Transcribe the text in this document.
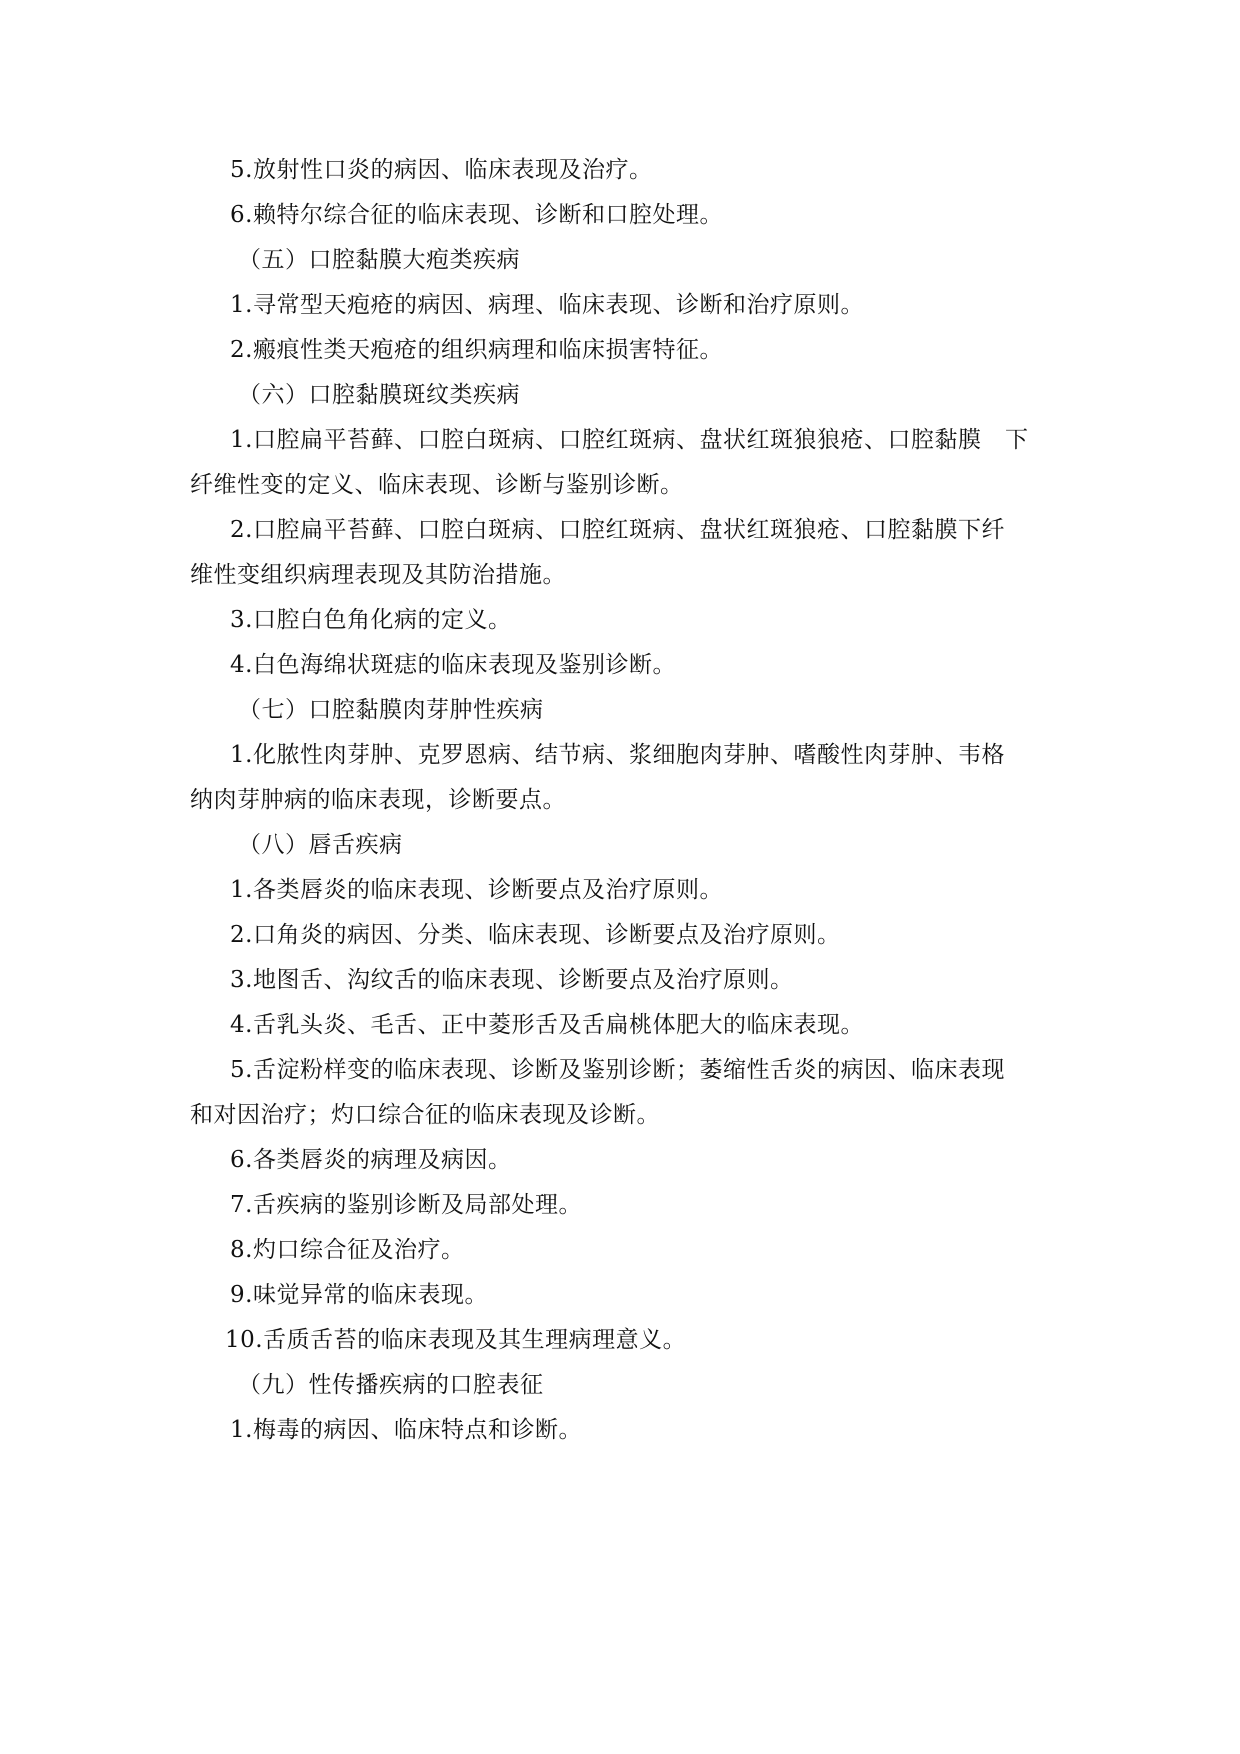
5.放射性口炎的病因、临床表现及治疗。
6.赖特尔综合征的临床表现、诊断和口腔处理。
（五）口腔黏膜大疱类疾病
1.寻常型天疱疮的病因、病理、临床表现、诊断和治疗原则。
2.瘢痕性类天疱疮的组织病理和临床损害特征。
（六）口腔黏膜斑纹类疾病
1.口腔扁平苔藓、口腔白斑病、口腔红斑病、盘状红斑狼狼疮、口腔黏膜　下
纤维性变的定义、临床表现、诊断与鉴别诊断。
2.口腔扁平苔藓、口腔白斑病、口腔红斑病、盘状红斑狼疮、口腔黏膜下纤
维性变组织病理表现及其防治措施。
3.口腔白色角化病的定义。
4.白色海绵状斑痣的临床表现及鉴别诊断。
（七）口腔黏膜肉芽肿性疾病
1.化脓性肉芽肿、克罗恩病、结节病、浆细胞肉芽肿、嗜酸性肉芽肿、韦格
纳肉芽肿病的临床表现，诊断要点。
（八）唇舌疾病
1.各类唇炎的临床表现、诊断要点及治疗原则。
2.口角炎的病因、分类、临床表现、诊断要点及治疗原则。
3.地图舌、沟纹舌的临床表现、诊断要点及治疗原则。
4.舌乳头炎、毛舌、正中菱形舌及舌扁桃体肥大的临床表现。
5.舌淀粉样变的临床表现、诊断及鉴别诊断；萎缩性舌炎的病因、临床表现
和对因治疗；灼口综合征的临床表现及诊断。
6.各类唇炎的病理及病因。
7.舌疾病的鉴别诊断及局部处理。
8.灼口综合征及治疗。
9.味觉异常的临床表现。
10.舌质舌苔的临床表现及其生理病理意义。
（九）性传播疾病的口腔表征
1.梅毒的病因、临床特点和诊断。
